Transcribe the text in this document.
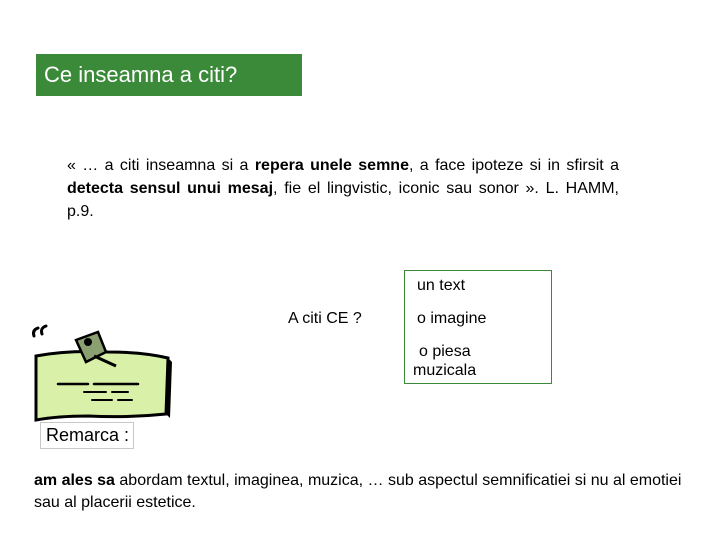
Ce inseamna a citi?
« … a citi inseamna si a repera unele semne, a face ipoteze si in sfirsit a detecta sensul unui mesaj, fie el lingvistic, iconic sau sonor ». L. HAMM, p.9.
A citi CE ?
un text
o imagine
o piesa
muzicala
Remarca :
am ales sa abordam textul, imaginea, muzica, … sub aspectul semnificatiei si nu al emotiei sau al placerii estetice.
